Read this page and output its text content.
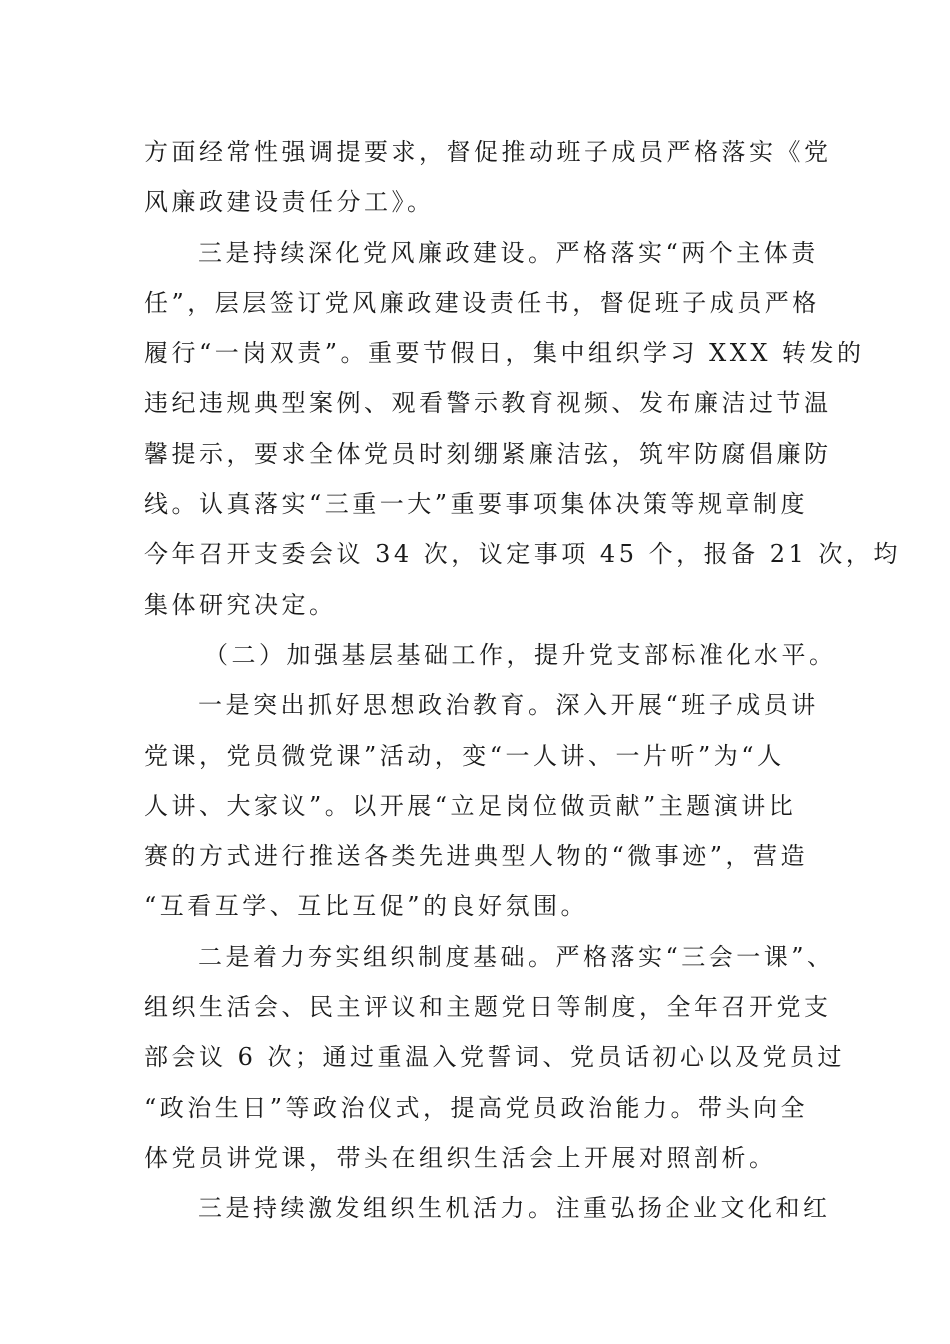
方面经常性强调提要求，督促推动班子成员严格落实《党
风廉政建设责任分工》。
三是持续深化党风廉政建设。严格落实“两个主体责
任”，层层签订党风廉政建设责任书，督促班子成员严格
履行“一岗双责”。重要节假日，集中组织学习 XXX 转发的
违纪违规典型案例、观看警示教育视频、发布廉洁过节温
馨提示，要求全体党员时刻绷紧廉洁弦，筑牢防腐倡廉防
线。认真落实“三重一大”重要事项集体决策等规章制度
今年召开支委会议 34 次，议定事项 45 个，报备 21 次，均
集体研究决定。
（二）加强基层基础工作，提升党支部标准化水平。
一是突出抓好思想政治教育。深入开展“班子成员讲
党课，党员微党课”活动，变“一人讲、一片听”为“人
人讲、大家议”。以开展“立足岗位做贡献”主题演讲比
赛的方式进行推送各类先进典型人物的“微事迹”，营造
“互看互学、互比互促”的良好氛围。
二是着力夯实组织制度基础。严格落实“三会一课”、
组织生活会、民主评议和主题党日等制度，全年召开党支
部会议 6 次；通过重温入党誓词、党员话初心以及党员过
“政治生日”等政治仪式，提高党员政治能力。带头向全
体党员讲党课，带头在组织生活会上开展对照剖析。
三是持续激发组织生机活力。注重弘扬企业文化和红
